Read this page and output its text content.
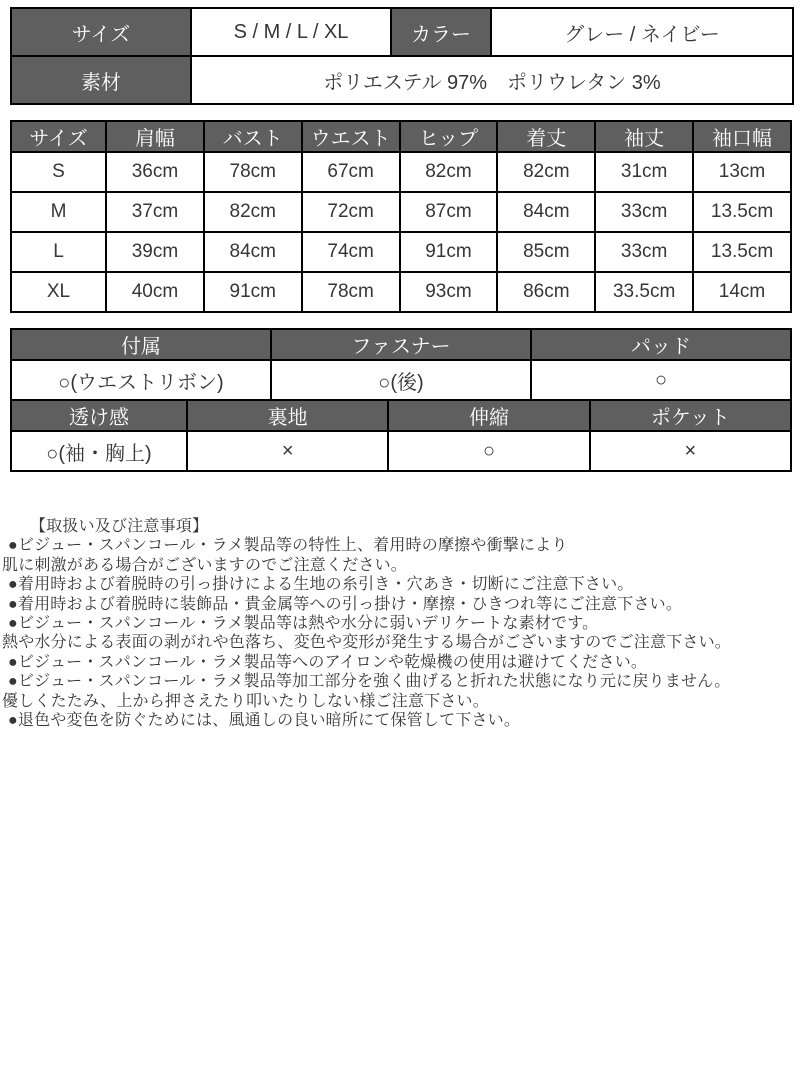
サイズ	S / M / L / XL	カラー	グレー / ネイビー
素材	ポリエステル 97%　ポリウレタン 3%		
サイズ	肩幅	バスト	ウエスト	ヒップ	着丈	袖丈	袖口幅
S	36cm	78cm	67cm	82cm	82cm	31cm	13cm
M	37cm	82cm	72cm	87cm	84cm	33cm	13.5cm
L	39cm	84cm	74cm	91cm	85cm	33cm	13.5cm
XL	40cm	91cm	78cm	93cm	86cm	33.5cm	14cm
付属	ファスナー	パッド
○(ウエストリボン)	○(後)	○
透け感	裏地	伸縮	ポケット
○(袖・胸上)	×	○	×
【取扱い及び注意事項】
●ビジュー・スパンコール・ラメ製品等の特性上、着用時の摩擦や衝撃により
肌に刺激がある場合がございますのでご注意ください。
●着用時および着脱時の引っ掛けによる生地の糸引き・穴あき・切断にご注意下さい。
●着用時および着脱時に装飾品・貴金属等への引っ掛け・摩擦・ひきつれ等にご注意下さい。
●ビジュー・スパンコール・ラメ製品等は熱や水分に弱いデリケートな素材です。
熱や水分による表面の剥がれや色落ち、変色や変形が発生する場合がございますのでご注意下さい。
●ビジュー・スパンコール・ラメ製品等へのアイロンや乾燥機の使用は避けてください。
●ビジュー・スパンコール・ラメ製品等加工部分を強く曲げると折れた状態になり元に戻りません。
優しくたたみ、上から押さえたり叩いたりしない様ご注意下さい。
●退色や変色を防ぐためには、風通しの良い暗所にて保管して下さい。
